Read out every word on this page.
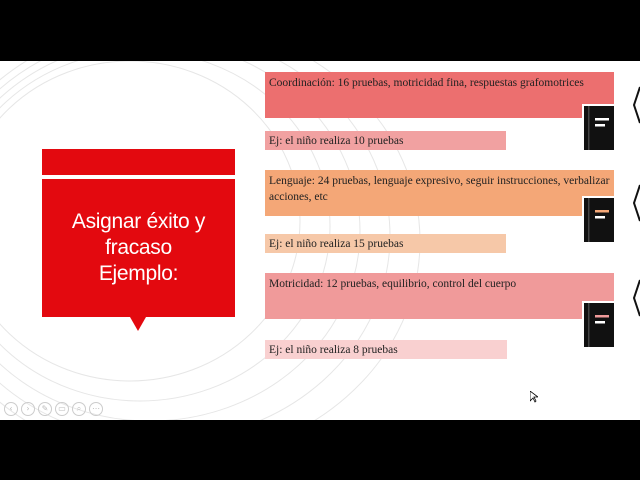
Asignar éxito y
fracaso
Ejemplo:
Coordinación: 16 pruebas, motricidad fina, respuestas grafomotrices
Ej: el niño realiza 10 pruebas
Lenguaje: 24 pruebas, lenguaje expresivo, seguir instrucciones, verbalizar acciones, etc
Ej: el niño realiza 15 pruebas
Motricidad: 12 pruebas, equilibrio, control del cuerpo
Ej: el niño realiza 8 pruebas
‹	›	✎	▭	⌕	⋯
